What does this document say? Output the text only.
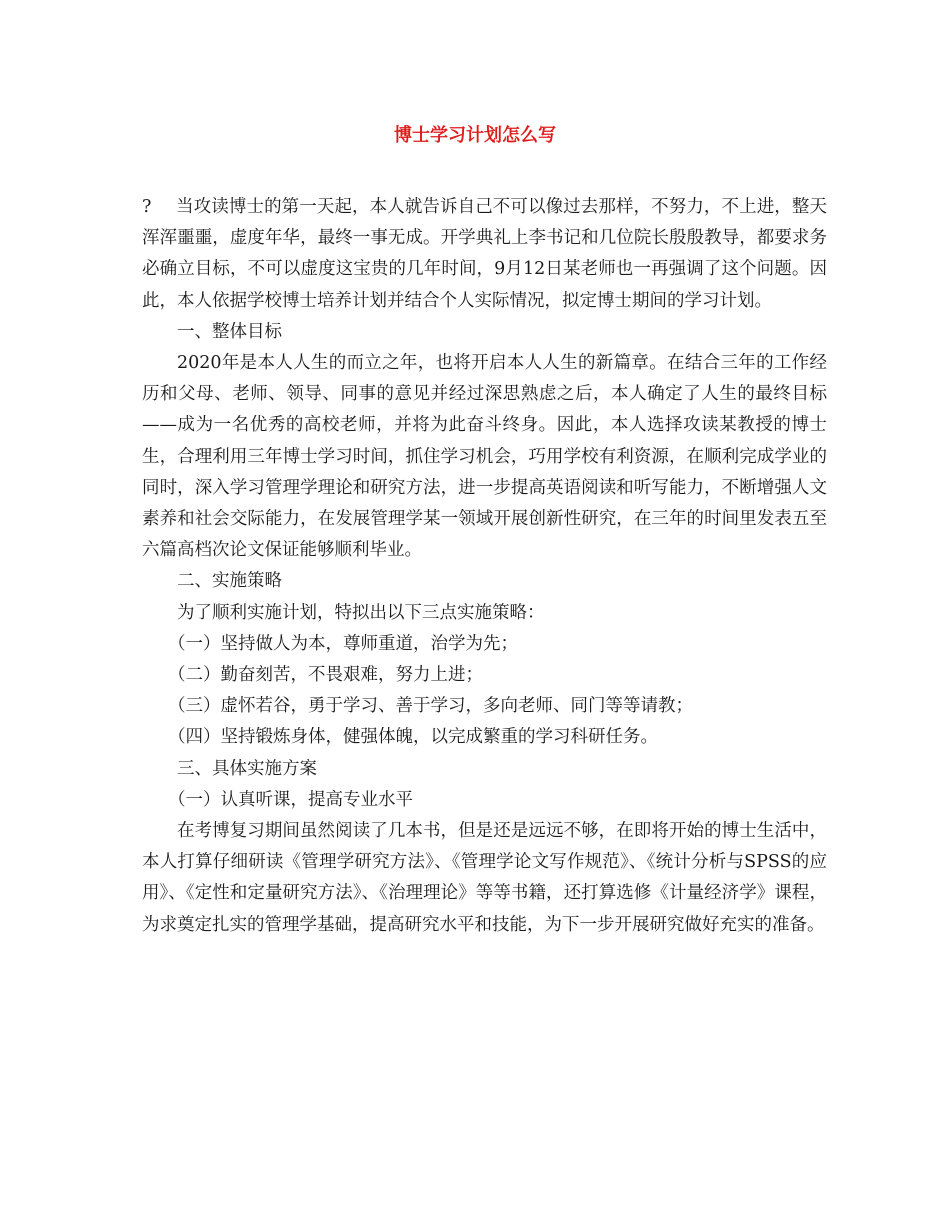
博士学习计划怎么写

? 当攻读博士的第一天起，本人就告诉自己不可以像过去那样，不努力，不上进，整天浑浑噩噩，虚度年华，最终一事无成。开学典礼上李书记和几位院长殷殷教导，都要求务必确立目标，不可以虚度这宝贵的几年时间，9月12日某老师也一再强调了这个问题。因此，本人依据学校博士培养计划并结合个人实际情况，拟定博士期间的学习计划。

一、整体目标

2020年是本人人生的而立之年，也将开启本人人生的新篇章。在结合三年的工作经历和父母、老师、领导、同事的意见并经过深思熟虑之后，本人确定了人生的最终目标——成为一名优秀的高校老师，并将为此奋斗终身。因此，本人选择攻读某教授的博士生，合理利用三年博士学习时间，抓住学习机会，巧用学校有利资源，在顺利完成学业的同时，深入学习管理学理论和研究方法，进一步提高英语阅读和听写能力，不断增强人文素养和社会交际能力，在发展管理学某一领域开展创新性研究，在三年的时间里发表五至六篇高档次论文保证能够顺利毕业。

二、实施策略

为了顺利实施计划，特拟出以下三点实施策略：

（一）坚持做人为本，尊师重道，治学为先；

（二）勤奋刻苦，不畏艰难，努力上进；

（三）虚怀若谷，勇于学习、善于学习，多向老师、同门等等请教；

（四）坚持锻炼身体，健强体魄，以完成繁重的学习科研任务。

三、具体实施方案

（一）认真听课，提高专业水平

在考博复习期间虽然阅读了几本书，但是还是远远不够，在即将开始的博士生活中，本人打算仔细研读《管理学研究方法》、《管理学论文写作规范》、《统计分析与SPSS的应用》、《定性和定量研究方法》、《治理理论》等等书籍，还打算选修《计量经济学》课程，为求奠定扎实的管理学基础，提高研究水平和技能，为下一步开展研究做好充实的准备。
